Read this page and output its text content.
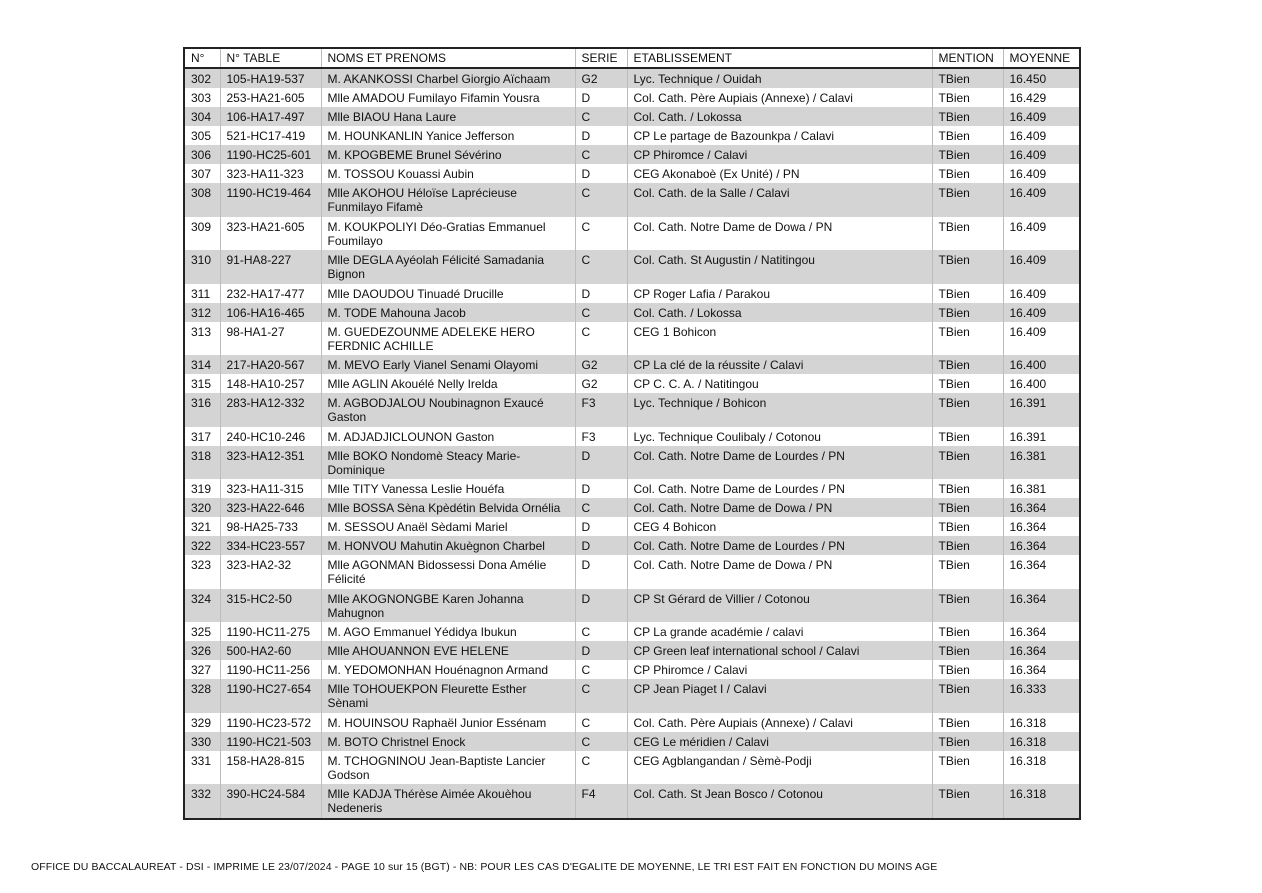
N°	N° TABLE	NOMS ET PRENOMS	SERIE	ETABLISSEMENT	MENTION	MOYENNE
302	105-HA19-537	M. AKANKOSSI Charbel Giorgio Aïchaam	G2	Lyc. Technique / Ouidah	TBien	16.450
303	253-HA21-605	Mlle AMADOU Fumilayo Fifamin Yousra	D	Col. Cath. Père Aupiais (Annexe) / Calavi	TBien	16.429
304	106-HA17-497	Mlle BIAOU Hana Laure	C	Col. Cath. / Lokossa	TBien	16.409
305	521-HC17-419	M. HOUNKANLIN Yanice Jefferson	D	CP Le partage de Bazounkpa / Calavi	TBien	16.409
306	1190-HC25-601	M. KPOGBEME Brunel Sévérino	C	CP Phiromce / Calavi	TBien	16.409
307	323-HA11-323	M. TOSSOU Kouassi Aubin	D	CEG Akonaboè (Ex Unité) / PN	TBien	16.409
308	1190-HC19-464	Mlle AKOHOU Héloïse Laprécieuse Funmilayo Fifamè	C	Col. Cath. de la Salle / Calavi	TBien	16.409
309	323-HA21-605	M. KOUKPOLIYI Déo-Gratias Emmanuel Foumilayo	C	Col. Cath. Notre Dame de Dowa / PN	TBien	16.409
310	91-HA8-227	Mlle DEGLA Ayéolah Félicité Samadania Bignon	C	Col. Cath. St Augustin / Natitingou	TBien	16.409
311	232-HA17-477	Mlle DAOUDOU Tinuadé Drucille	D	CP Roger Lafia / Parakou	TBien	16.409
312	106-HA16-465	M. TODE Mahouna Jacob	C	Col. Cath. / Lokossa	TBien	16.409
313	98-HA1-27	M. GUEDEZOUNME ADELEKE HERO FERDNIC ACHILLE	C	CEG 1 Bohicon	TBien	16.409
314	217-HA20-567	M. MEVO Early Vianel Senami Olayomi	G2	CP La clé de la réussite / Calavi	TBien	16.400
315	148-HA10-257	Mlle AGLIN Akouélé Nelly Irelda	G2	CP C. C. A. / Natitingou	TBien	16.400
316	283-HA12-332	M. AGBODJALOU Noubinagnon Exaucé Gaston	F3	Lyc. Technique / Bohicon	TBien	16.391
317	240-HC10-246	M. ADJADJICLOUNON Gaston	F3	Lyc. Technique Coulibaly / Cotonou	TBien	16.391
318	323-HA12-351	Mlle BOKO Nondomè Steacy Marie-Dominique	D	Col. Cath. Notre Dame de Lourdes / PN	TBien	16.381
319	323-HA11-315	Mlle TITY Vanessa Leslie Houéfa	D	Col. Cath. Notre Dame de Lourdes / PN	TBien	16.381
320	323-HA22-646	Mlle BOSSA Sèna Kpèdétin Belvida Ornélia	C	Col. Cath. Notre Dame de Dowa / PN	TBien	16.364
321	98-HA25-733	M. SESSOU Anaël Sèdami Mariel	D	CEG 4 Bohicon	TBien	16.364
322	334-HC23-557	M. HONVOU Mahutin Akuègnon Charbel	D	Col. Cath. Notre Dame de Lourdes / PN	TBien	16.364
323	323-HA2-32	Mlle AGONMAN Bidossessi Dona Amélie Félicité	D	Col. Cath. Notre Dame de Dowa / PN	TBien	16.364
324	315-HC2-50	Mlle AKOGNONGBE Karen Johanna Mahugnon	D	CP St Gérard de Villier / Cotonou	TBien	16.364
325	1190-HC11-275	M. AGO Emmanuel Yédidya Ibukun	C	CP La grande académie / calavi	TBien	16.364
326	500-HA2-60	Mlle AHOUANNON EVE HELENE	D	CP Green leaf international school / Calavi	TBien	16.364
327	1190-HC11-256	M. YEDOMONHAN Houénagnon Armand	C	CP Phiromce / Calavi	TBien	16.364
328	1190-HC27-654	Mlle TOHOUEKPON Fleurette Esther Sènami	C	CP Jean Piaget I / Calavi	TBien	16.333
329	1190-HC23-572	M. HOUINSOU Raphaël Junior Essénam	C	Col. Cath. Père Aupiais (Annexe) / Calavi	TBien	16.318
330	1190-HC21-503	M. BOTO Christnel Enock	C	CEG Le méridien / Calavi	TBien	16.318
331	158-HA28-815	M. TCHOGNINOU Jean-Baptiste Lancier Godson	C	CEG Agblangandan / Sèmè-Podji	TBien	16.318
332	390-HC24-584	Mlle KADJA Thérèse Aimée Akouèhou Nedeneris	F4	Col. Cath. St Jean Bosco / Cotonou	TBien	16.318
OFFICE DU BACCALAUREAT - DSI - IMPRIME LE 23/07/2024 - PAGE 10 sur 15 (BGT) - NB: POUR LES CAS D'EGALITE DE MOYENNE, LE TRI EST FAIT EN FONCTION DU MOINS AGE
